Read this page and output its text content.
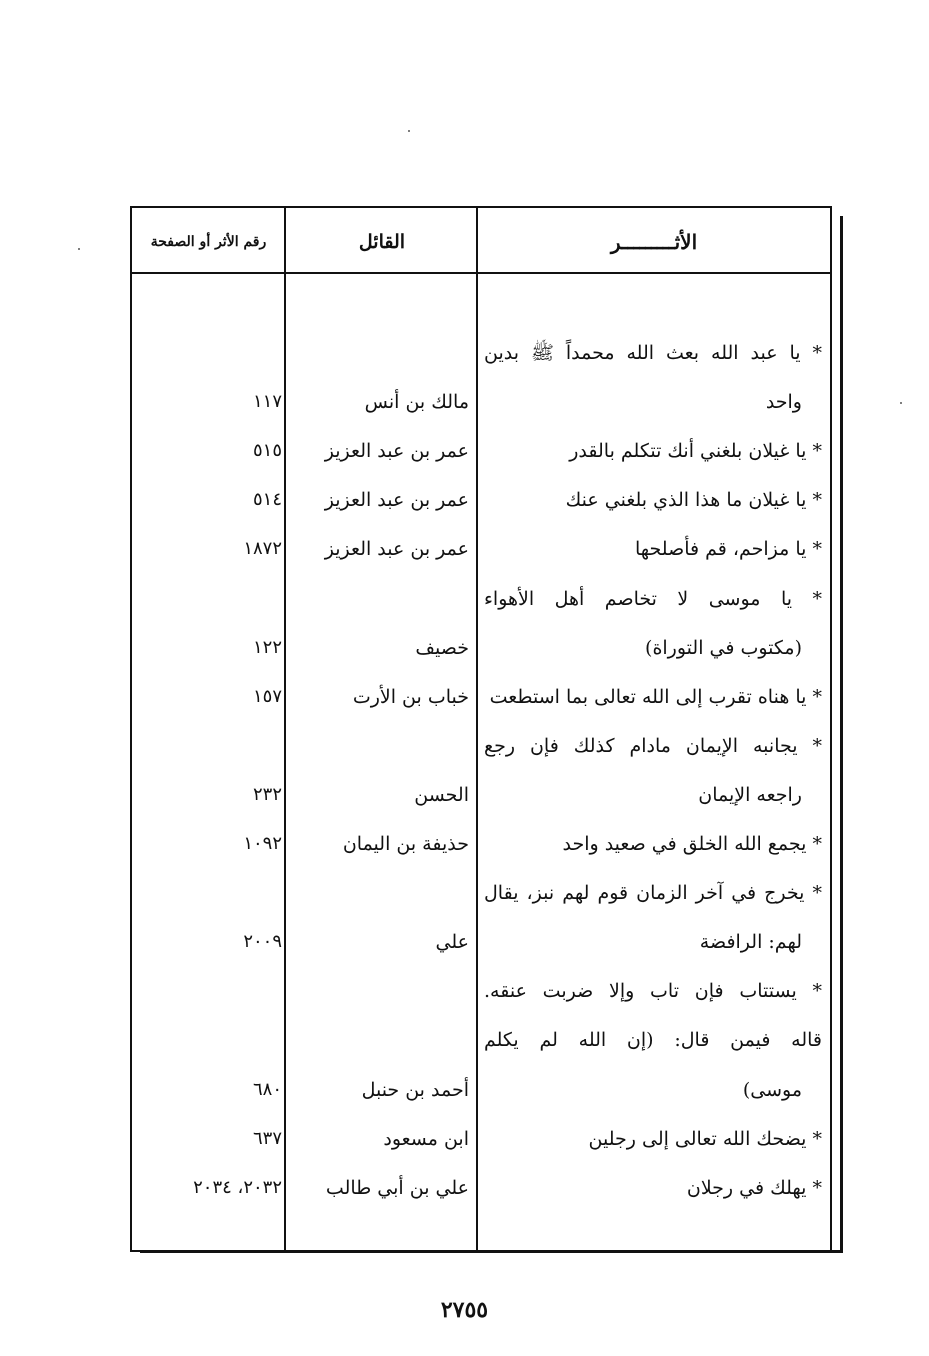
الأثـــــــــر
القائل
رقم الأثر أو الصفحة
* يا عبد الله بعث الله محمداً ﷺ بدين
واحد
مالك بن أنس
١١٧
* يا غيلان بلغني أنك تتكلم بالقدر
عمر بن عبد العزيز
٥١٥
* يا غيلان ما هذا الذي بلغني عنك
عمر بن عبد العزيز
٥١٤
* يا مزاحم، قم فأصلحها
عمر بن عبد العزيز
١٨٧٢
* يا موسى لا تخاصم أهل الأهواء
(مكتوب في التوراة)
خصيف
١٢٢
* يا هناه تقرب إلى الله تعالى بما استطعت
خباب بن الأرت
١٥٧
* يجانبه الإيمان مادام كذلك فإن رجع
راجعه الإيمان
الحسن
٢٣٢
* يجمع الله الخلق في صعيد واحد
حذيفة بن اليمان
١٠٩٢
* يخرج في آخر الزمان قوم لهم نبز، يقال
لهم: الرافضة
علي
٢٠٠٩
* يستتاب فإن تاب وإلا ضربت عنقه.
قاله فيمن قال: (إن الله لم يكلم
موسى)
أحمد بن حنبل
٦٨٠
* يضحك الله تعالى إلى رجلين
ابن مسعود
٦٣٧
* يهلك في رجلان
علي بن أبي طالب
٢٠٣٢، ٢٠٣٤
٢٧٥٥
